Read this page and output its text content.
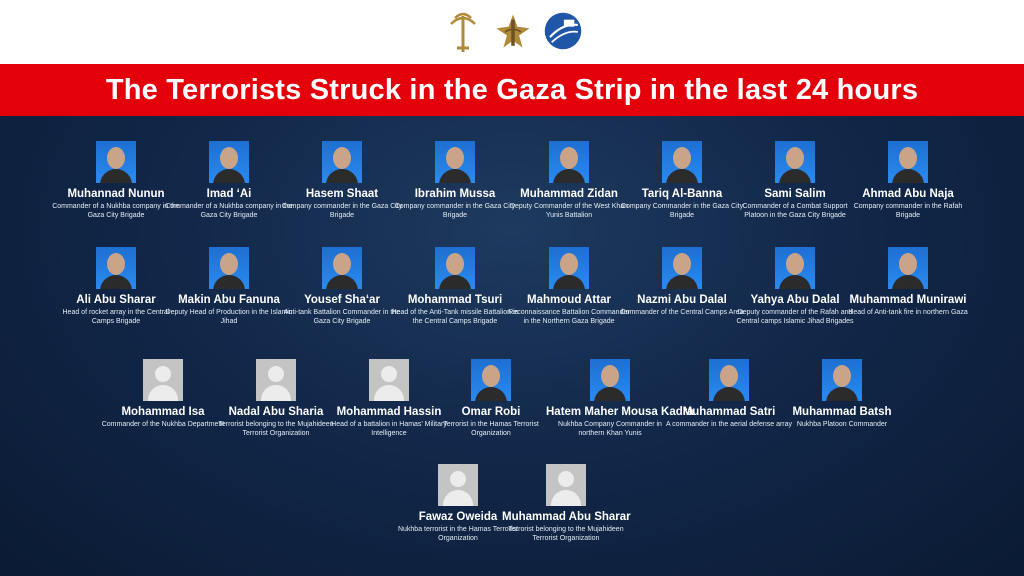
The Terrorists Struck in the Gaza Strip in the last 24 hours
Muhannad Nunun
Commander of a Nukhba company in the Gaza City Brigade
Imad ‘Ai
Commander of a Nukhba company in the Gaza City Brigade
Hasem Shaat
Company commander in the Gaza City Brigade
Ibrahim Mussa
Company commander in the Gaza City Brigade
Muhammad Zidan
Deputy Commander of the West Khan Yunis Battalion
Tariq Al-Banna
Company Commander in the Gaza City Brigade
Sami Salim
Commander of a Combat Support Platoon in the Gaza City Brigade
Ahmad Abu Naja
Company commander in the Rafah Brigade
Ali Abu Sharar
Head of rocket array in the Central Camps Brigade
Makin Abu Fanuna
Deputy Head of Production in the Islamic Jihad
Yousef Sha‘ar
Anti-tank Battalion Commander in the Gaza City Brigade
Mohammad Tsuri
Head of the Anti-Tank missile Battalion in the Central Camps Brigade
Mahmoud Attar
Reconnaissance Battalion Commander in the Northern Gaza Brigade
Nazmi Abu Dalal
Commander of the Central Camps Area
Yahya Abu Dalal
Deputy commander of the Rafah and Central camps Islamic Jihad Brigades
Muhammad Munirawi
Head of Anti-tank fire in northern Gaza
Mohammad Isa
Commander of the Nukhba Department
Nadal Abu Sharia
Terrorist belonging to the Mujahideen Terrorist Organization
Mohammad Hassin
Head of a battalion in Hamas’ Military Intelligence
Omar Robi
Terrorist in the Hamas Terrorist Organization
Hatem Maher Mousa Kadra
Nukhba Company Commander in northern Khan Yunis
Muhammad Satri
A commander in the aerial defense array
Muhammad Batsh
Nukhba Platoon Commander
Fawaz Oweida
Nukhba terrorist in the Hamas Terrorist Organization
Muhammad Abu Sharar
Terrorist belonging to the Mujahideen Terrorist Organization
